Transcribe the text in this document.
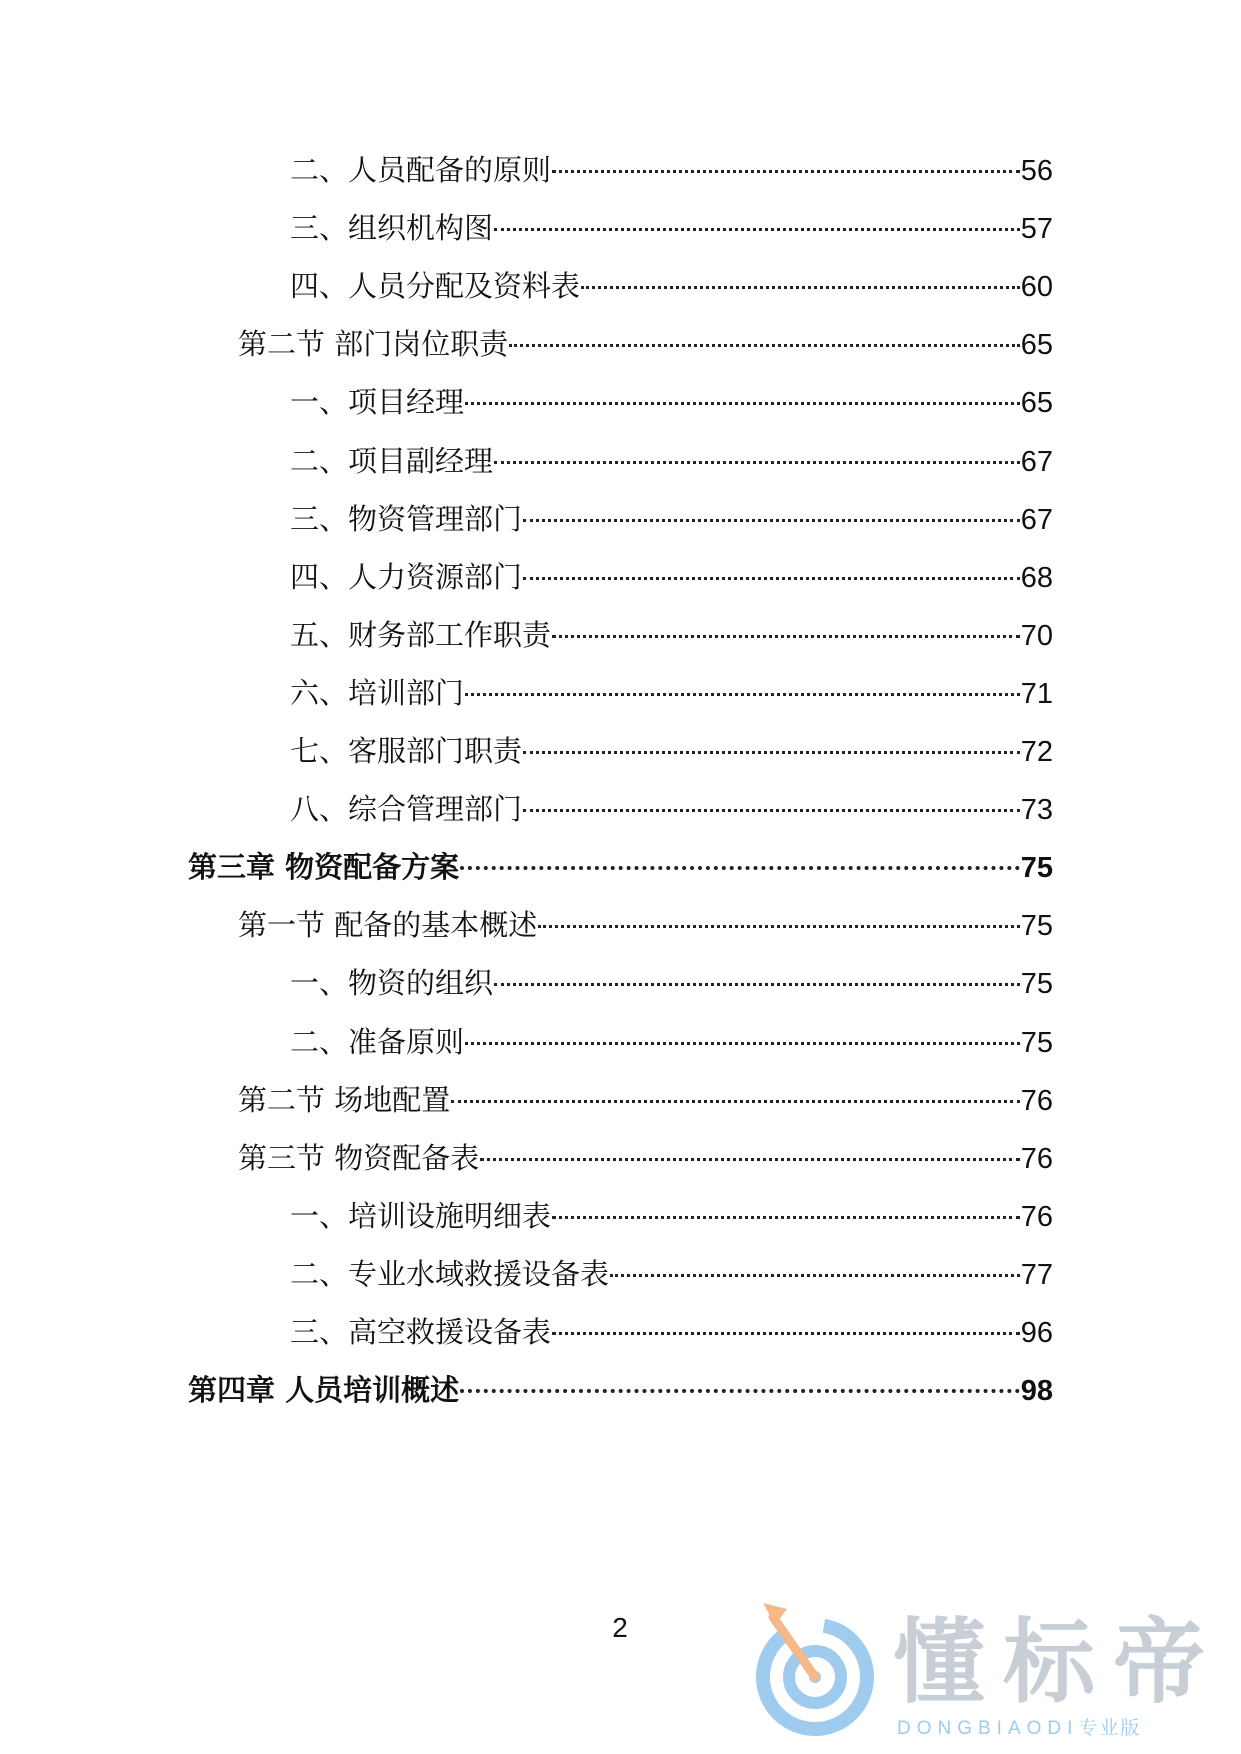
二、人员配备的原则	56
三、组织机构图	57
四、人员分配及资料表	60
第二节 部门岗位职责	65
一、项目经理	65
二、项目副经理	67
三、物资管理部门	67
四、人力资源部门	68
五、财务部工作职责	70
六、培训部门	71
七、客服部门职责	72
八、综合管理部门	73
第三章 物资配备方案	75
第一节 配备的基本概述	75
一、物资的组织	75
二、准备原则	75
第二节 场地配置	76
第三节 物资配备表	76
一、培训设施明细表	76
二、专业水域救援设备表	77
三、高空救援设备表	96
第四章 人员培训概述	98
2	懂标帝
DONGBIAODI专业版
